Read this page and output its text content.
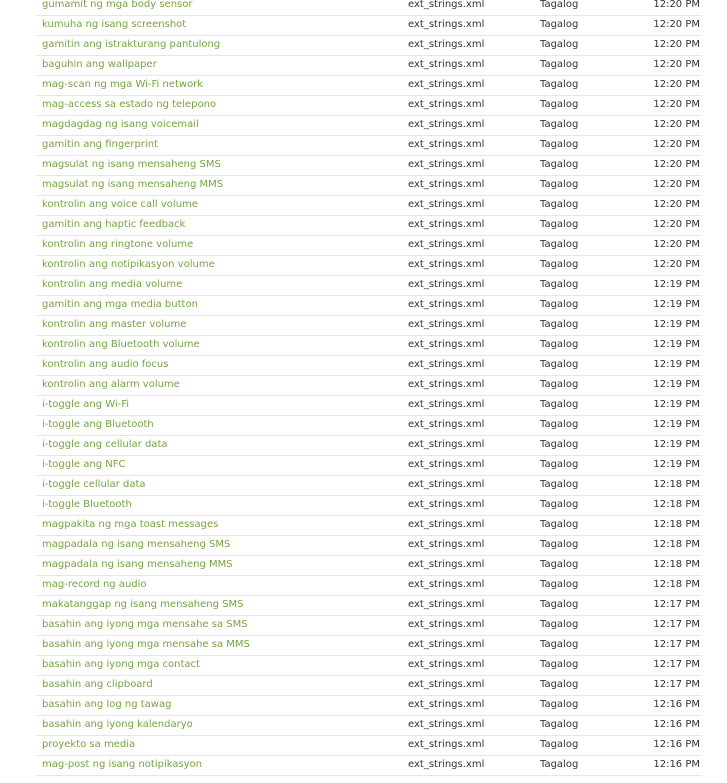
gumamit ng mga body sensor	ext_strings.xml	Tagalog	12:20 PM
kumuha ng isang screenshot	ext_strings.xml	Tagalog	12:20 PM
gamitin ang istrakturang pantulong	ext_strings.xml	Tagalog	12:20 PM
baguhin ang wallpaper	ext_strings.xml	Tagalog	12:20 PM
mag-scan ng mga Wi-Fi network	ext_strings.xml	Tagalog	12:20 PM
mag-access sa estado ng telepono	ext_strings.xml	Tagalog	12:20 PM
magdagdag ng isang voicemail	ext_strings.xml	Tagalog	12:20 PM
gamitin ang fingerprint	ext_strings.xml	Tagalog	12:20 PM
magsulat ng isang mensaheng SMS	ext_strings.xml	Tagalog	12:20 PM
magsulat ng isang mensaheng MMS	ext_strings.xml	Tagalog	12:20 PM
kontrolin ang voice call volume	ext_strings.xml	Tagalog	12:20 PM
gamitin ang haptic feedback	ext_strings.xml	Tagalog	12:20 PM
kontrolin ang ringtone volume	ext_strings.xml	Tagalog	12:20 PM
kontrolin ang notipikasyon volume	ext_strings.xml	Tagalog	12:20 PM
kontrolin ang media volume	ext_strings.xml	Tagalog	12:19 PM
gamitin ang mga media button	ext_strings.xml	Tagalog	12:19 PM
kontrolin ang master volume	ext_strings.xml	Tagalog	12:19 PM
kontrolin ang Bluetooth volume	ext_strings.xml	Tagalog	12:19 PM
kontrolin ang audio focus	ext_strings.xml	Tagalog	12:19 PM
kontrolin ang alarm volume	ext_strings.xml	Tagalog	12:19 PM
i-toggle ang Wi-Fi	ext_strings.xml	Tagalog	12:19 PM
i-toggle ang Bluetooth	ext_strings.xml	Tagalog	12:19 PM
i-toggle ang cellular data	ext_strings.xml	Tagalog	12:19 PM
i-toggle ang NFC	ext_strings.xml	Tagalog	12:19 PM
i-toggle cellular data	ext_strings.xml	Tagalog	12:18 PM
i-toggle Bluetooth	ext_strings.xml	Tagalog	12:18 PM
magpakita ng mga toast messages	ext_strings.xml	Tagalog	12:18 PM
magpadala ng isang mensaheng SMS	ext_strings.xml	Tagalog	12:18 PM
magpadala ng isang mensaheng MMS	ext_strings.xml	Tagalog	12:18 PM
mag-record ng audio	ext_strings.xml	Tagalog	12:18 PM
makatanggap ng isang mensaheng SMS	ext_strings.xml	Tagalog	12:17 PM
basahin ang iyong mga mensahe sa SMS	ext_strings.xml	Tagalog	12:17 PM
basahin ang iyong mga mensahe sa MMS	ext_strings.xml	Tagalog	12:17 PM
basahin ang iyong mga contact	ext_strings.xml	Tagalog	12:17 PM
basahin ang clipboard	ext_strings.xml	Tagalog	12:17 PM
basahin ang log ng tawag	ext_strings.xml	Tagalog	12:16 PM
basahin ang iyong kalendaryo	ext_strings.xml	Tagalog	12:16 PM
proyekto sa media	ext_strings.xml	Tagalog	12:16 PM
mag-post ng isang notipikasyon	ext_strings.xml	Tagalog	12:16 PM
